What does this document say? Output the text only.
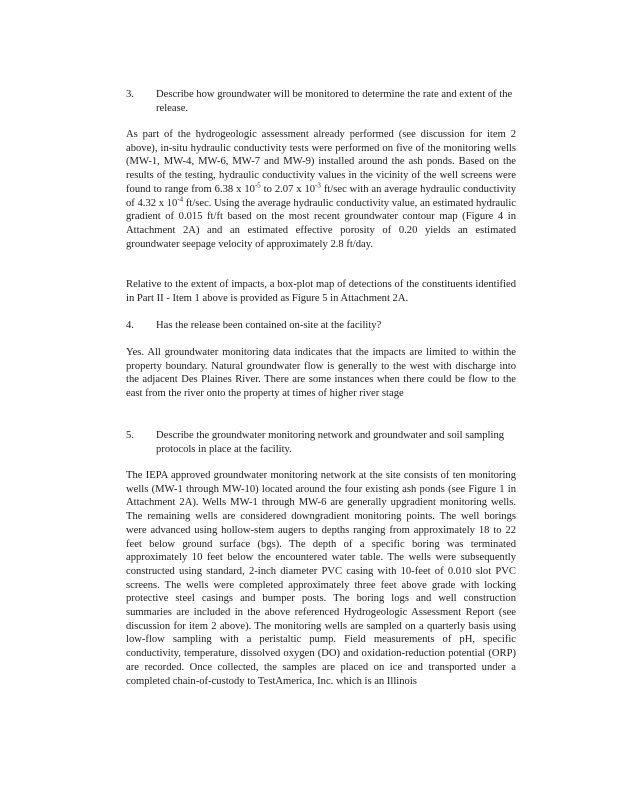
3. Describe how groundwater will be monitored to determine the rate and extent of the release.

As part of the hydrogeologic assessment already performed (see discussion for item 2 above), in-situ hydraulic conductivity tests were performed on five of the monitoring wells (MW-1, MW-4, MW-6, MW-7 and MW-9) installed around the ash ponds. Based on the results of the testing, hydraulic conductivity values in the vicinity of the well screens were found to range from 6.38 x $10^{-5}$ to 2.07 x $10^{-3}$ ft/sec with an average hydraulic conductivity of 4.32 x $10^{-4}$ ft/sec. Using the average hydraulic conductivity value, an estimated hydraulic gradient of 0.015 ft/ft based on the most recent groundwater contour map (Figure 4 in Attachment 2A) and an estimated effective porosity of 0.20 yields an estimated groundwater seepage velocity of approximately 2.8 ft/day.

Relative to the extent of impacts, a box-plot map of detections of the constituents identified in Part II - Item 1 above is provided as Figure 5 in Attachment 2A.

4. Has the release been contained on-site at the facility?

Yes. All groundwater monitoring data indicates that the impacts are limited to within the property boundary. Natural groundwater flow is generally to the west with discharge into the adjacent Des Plaines River. There are some instances when there could be flow to the east from the river onto the property at times of higher river stage

5. Describe the groundwater monitoring network and groundwater and soil sampling protocols in place at the facility.

The IEPA approved groundwater monitoring network at the site consists of ten monitoring wells (MW-1 through MW-10) located around the four existing ash ponds (see Figure 1 in Attachment 2A). Wells MW-1 through MW-6 are generally upgradient monitoring wells. The remaining wells are considered downgradient monitoring points. The well borings were advanced using hollow-stem augers to depths ranging from approximately 18 to 22 feet below ground surface (bgs). The depth of a specific boring was terminated approximately 10 feet below the encountered water table. The wells were subsequently constructed using standard, 2-inch diameter PVC casing with 10-feet of 0.010 slot PVC screens. The wells were completed approximately three feet above grade with locking protective steel casings and bumper posts. The boring logs and well construction summaries are included in the above referenced Hydrogeologic Assessment Report (see discussion for item 2 above). The monitoring wells are sampled on a quarterly basis using low-flow sampling with a peristaltic pump. Field measurements of pH, specific conductivity, temperature, dissolved oxygen (DO) and oxidation-reduction potential (ORP) are recorded. Once collected, the samples are placed on ice and transported under a completed chain-of-custody to TestAmerica, Inc. which is an Illinois
